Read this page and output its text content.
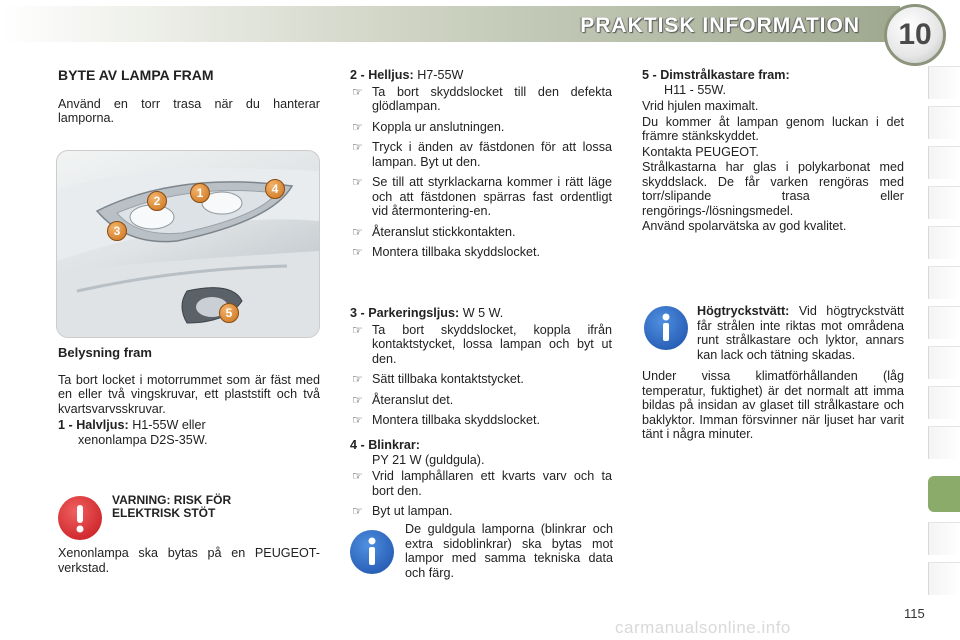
PRAKTISK INFORMATION	10

BYTE AV LAMPA FRAM

Använd en torr trasa när du hanterar lamporna.

1
2
3
4
5

Belysning fram

Ta bort locket i motorrummet som är fäst med en eller två vingskruvar, ett plaststift och två kvartsvarvsskruvar.

1 - Halvljus: H1-55W eller

xenonlampa D2S-35W.

VARNING: RISK FÖR ELEKTRISK STÖT

Xenonlampa ska bytas på en PEUGEOT-verkstad.

2 - Helljus: H7-55W

☞ Ta bort skyddslocket till den defekta glödlampan.
☞ Koppla ur anslutningen.
☞ Tryck i änden av fästdonen för att lossa lampan. Byt ut den.
☞ Se till att styrklackarna kommer i rätt läge och att fästdonen spärras fast ordentligt vid återmontering-en.
☞ Återanslut stickkontakten.
☞ Montera tillbaka skyddslocket.

3 - Parkeringsljus: W 5 W.

☞ Ta bort skyddslocket, koppla ifrån kontaktstycket, lossa lampan och byt ut den.
☞ Sätt tillbaka kontaktstycket.
☞ Återanslut det.
☞ Montera tillbaka skyddslocket.

4 - Blinkrar:

PY 21 W (guldgula).

☞ Vrid lamphållaren ett kvarts varv och ta bort den.
☞ Byt ut lampan.

De guldgula lamporna (blinkrar och extra sidoblinkrar) ska bytas mot lampor med samma tekniska data och färg.

5 - Dimstrålkastare fram:

H11 - 55W.

Vrid hjulen maximalt.

Du kommer åt lampan genom luckan i det främre stänkskyddet.

Kontakta PEUGEOT.

Strålkastarna har glas i polykarbonat med skyddslack. De får varken rengöras med torr/slipande trasa eller rengörings-/lösningsmedel.

Använd spolarvätska av god kvalitet.

Högtryckstvätt: Vid högtryckstvätt får strålen inte riktas mot områdena runt strålkastare och lyktor, annars kan lack och tätning skadas.

Under vissa klimatförhållanden (låg temperatur, fuktighet) är det normalt att imma bildas på insidan av glaset till strålkastare och baklyktor. Imman försvinner när ljuset har varit tänt i några minuter.

115
carmanualsonline.info
